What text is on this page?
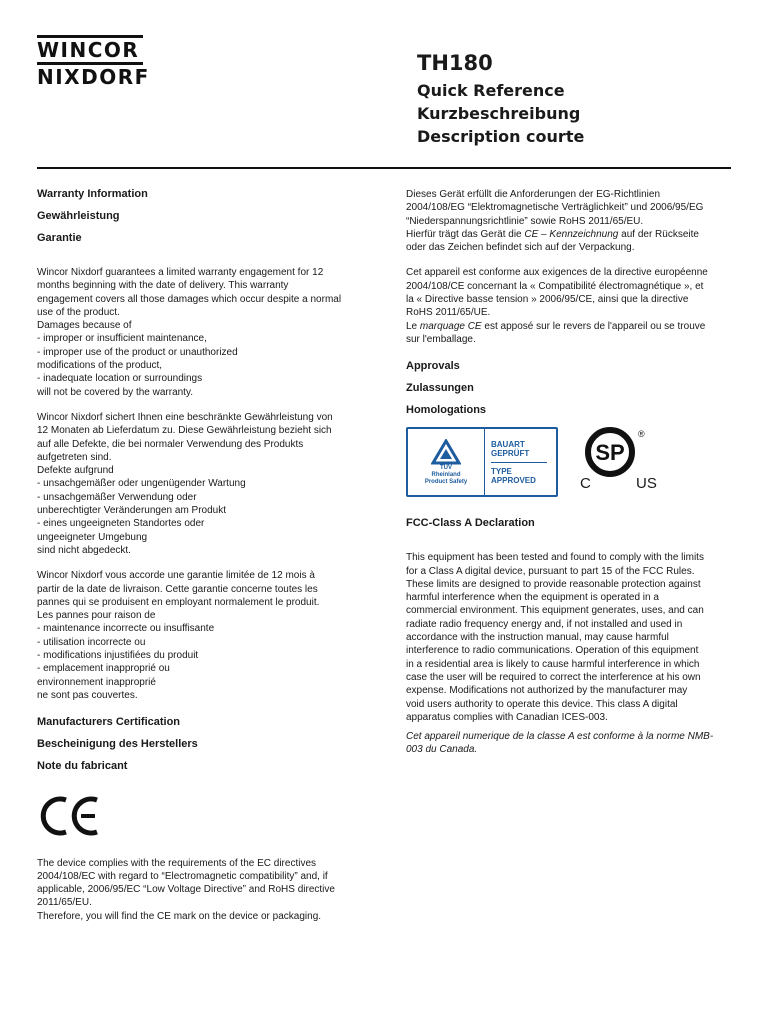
WINCOR
NIXDORF
TH180
Quick Reference
Kurzbeschreibung
Description courte
Warranty Information
Gewährleistung
Garantie

Wincor Nixdorf guarantees a limited warranty engagement for 12
months beginning with the date of delivery. This warranty
engagement covers all those damages which occur despite a normal
use of the product.
Damages because of
- improper or insufficient maintenance,
- improper use of the product or unauthorized
modifications of the product,
- inadequate location or surroundings
will not be covered by the warranty.

Wincor Nixdorf sichert Ihnen eine beschränkte Gewährleistung von
12 Monaten ab Lieferdatum zu. Diese Gewährleistung bezieht sich
auf alle Defekte, die bei normaler Verwendung des Produkts
aufgetreten sind.
Defekte aufgrund
- unsachgemäßer oder ungenügender Wartung
- unsachgemäßer Verwendung oder
unberechtigter Veränderungen am Produkt
- eines ungeeigneten Standortes oder
ungeeigneter Umgebung
sind nicht abgedeckt.

Wincor Nixdorf vous accorde une garantie limitée de 12 mois à
partir de la date de livraison. Cette garantie concerne toutes les
pannes qui se produisent en employant normalement le produit.
Les pannes pour raison de
- maintenance incorrecte ou insuffisante
- utilisation incorrecte ou
- modifications injustifiées du produit
- emplacement inapproprié ou
environnement inapproprié
ne sont pas couvertes.

Manufacturers Certification
Bescheinigung des Herstellers
Note du fabricant

The device complies with the requirements of the EC directives
2004/108/EC with regard to “Electromagnetic compatibility” and, if
applicable, 2006/95/EC “Low Voltage Directive” and RoHS directive
2011/65/EU.
Therefore, you will find the CE mark on the device or packaging.

Dieses Gerät erfüllt die Anforderungen der EG-Richtlinien
2004/108/EG “Elektromagnetische Verträglichkeit” und 2006/95/EG
“Niederspannungsrichtlinie” sowie RoHS 2011/65/EU.

Hierfür trägt das Gerät die CE – Kennzeichnung auf der Rückseite
oder das Zeichen befindet sich auf der Verpackung.

Cet appareil est conforme aux exigences de la directive européenne
2004/108/CE concernant la « Compatibilité électromagnétique », et
la « Directive basse tension » 2006/95/CE, ainsi que la directive
RoHS 2011/65/UE.

Le marquage CE est apposé sur le revers de l'appareil ou se trouve
sur l'emballage.

Approvals
Zulassungen
Homologations
TÜV
Rheinland
Product Safety
BAUART
GEPRÜFT
TYPE
APPROVED
SP
®
C	US
FCC-Class A Declaration

This equipment has been tested and found to comply with the limits
for a Class A digital device, pursuant to part 15 of the FCC Rules.
These limits are designed to provide reasonable protection against
harmful interference when the equipment is operated in a
commercial environment. This equipment generates, uses, and can
radiate radio frequency energy and, if not installed and used in
accordance with the instruction manual, may cause harmful
interference to radio communications. Operation of this equipment
in a residential area is likely to cause harmful interference in which
case the user will be required to correct the interference at his own
expense. Modifications not authorized by the manufacturer may
void users authority to operate this device. This class A digital
apparatus complies with Canadian ICES-003.

Cet appareil numerique de la classe A est conforme à la norme NMB-
003 du Canada.
